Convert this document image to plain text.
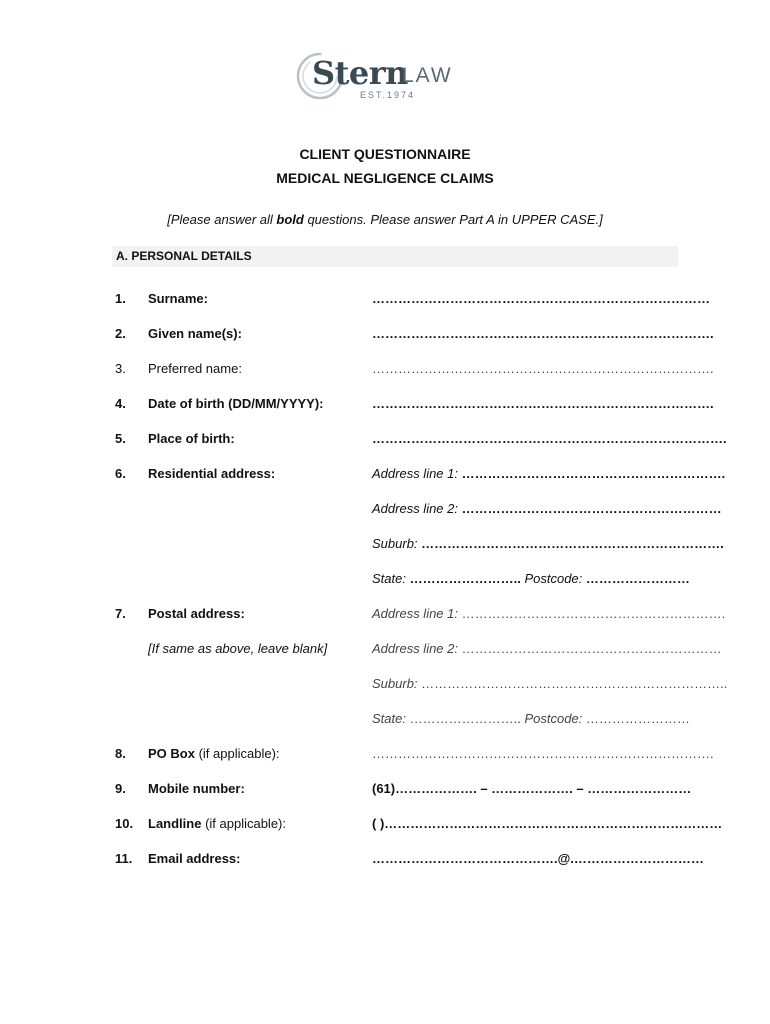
Stern
LAW
EST.1974
CLIENT QUESTIONNAIRE
MEDICAL NEGLIGENCE CLAIMS
[Please answer all bold questions. Please answer Part A in UPPER CASE.]
A. PERSONAL DETAILS
1. Surname:	……………………………………………………………………
2. Given name(s):	…………………………………………………………………….
3. Preferred name:	…………………………………………………………………….
4. Date of birth (DD/MM/YYYY):	…………………………………………………………………….
5. Place of birth:	……………………………………………………………………….
6. Residential address:	Address line 1: …………………………………………………….
Address line 2: ……………………………………………………
Suburb: …………………………………………………………….
State: …………………….. Postcode: ……………………
7. Postal address:	Address line 1: …………………………………………………….
[If same as above, leave blank]	Address line 2: ……………………………………………………
Suburb: ……………………………………………………………..
State: …………………….. Postcode: ……………………
8. PO Box (if applicable):	…………………………………………………………………….
9. Mobile number:	(61)………………. – ………………. – ……………………
10. Landline (if applicable):	( )……………………………………………………………………
11. Email address:	…………………………………….@.…………………………
